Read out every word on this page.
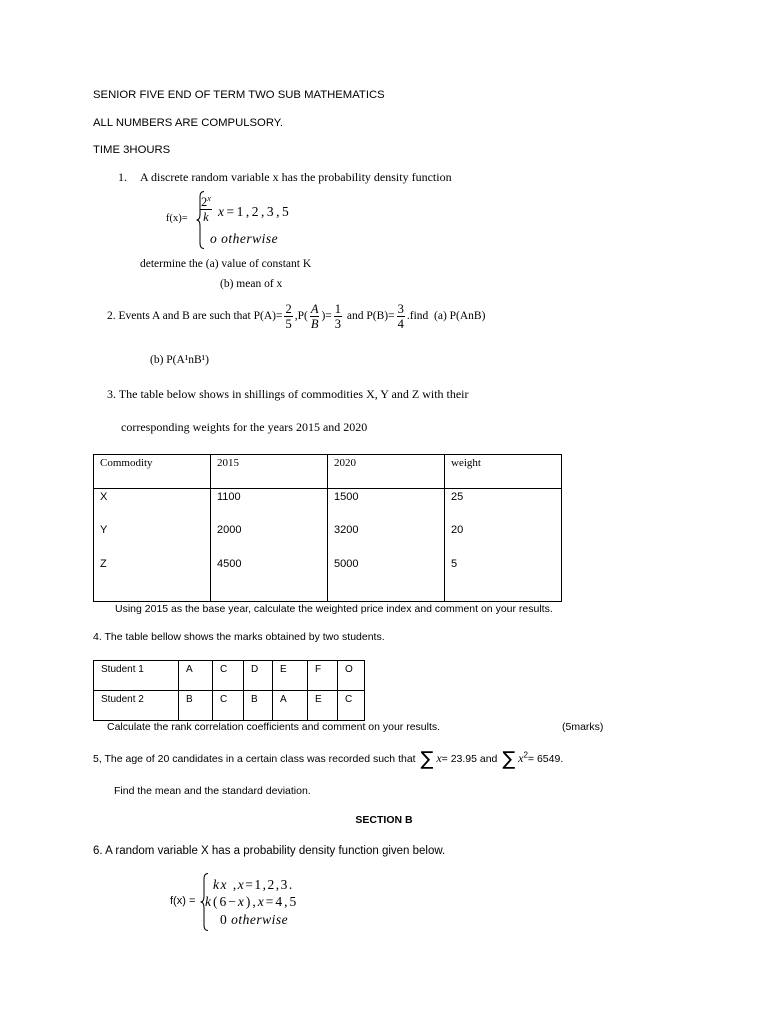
SENIOR FIVE END OF TERM TWO SUB MATHEMATICS
ALL NUMBERS ARE COMPULSORY.
TIME 3HOURS
1. A discrete random variable x has the probability density function
$f(x)= \frac{2^x}{k} x=1,2,3,5$
o otherwise
determine the (a) value of constant K
(b) mean of x
2. Events A and B are such that $P(A)= \frac{2}{5} ,P( \frac{A}{B}$ )= $\frac{1}{3}$ and $P(B)= \frac{3}{4}$ .find  (a) P(AnB)
(b) P(A¹nB¹)
3. The table below shows in shillings of commodities X, Y and Z with their
corresponding weights for the years 2015 and 2020
Commodity	2015	2020	weight
X	1100	1500	25
Y	2000	3200	20
Z	4500	5000	5
Using 2015 as the base year, calculate the weighted price index and comment on your results.
4. The table bellow shows the marks obtained by two students.
Student 1	A	C	D	E	F	O
Student 2	B	C	B	A	E	C
Calculate the rank correlation coefficients and comment on your results.	(5marks)
5, The age of 20 candidates in a certain class was recorded such that ∑ x= 23.95 and ∑ $x^2= 6549$.
Find the mean and the standard deviation.
SECTION B
6. A random variable X has a probability density function given below.
f(x) =
kx ,x=1,2,3.
k(6−x),x=4,5
0 otherwise
